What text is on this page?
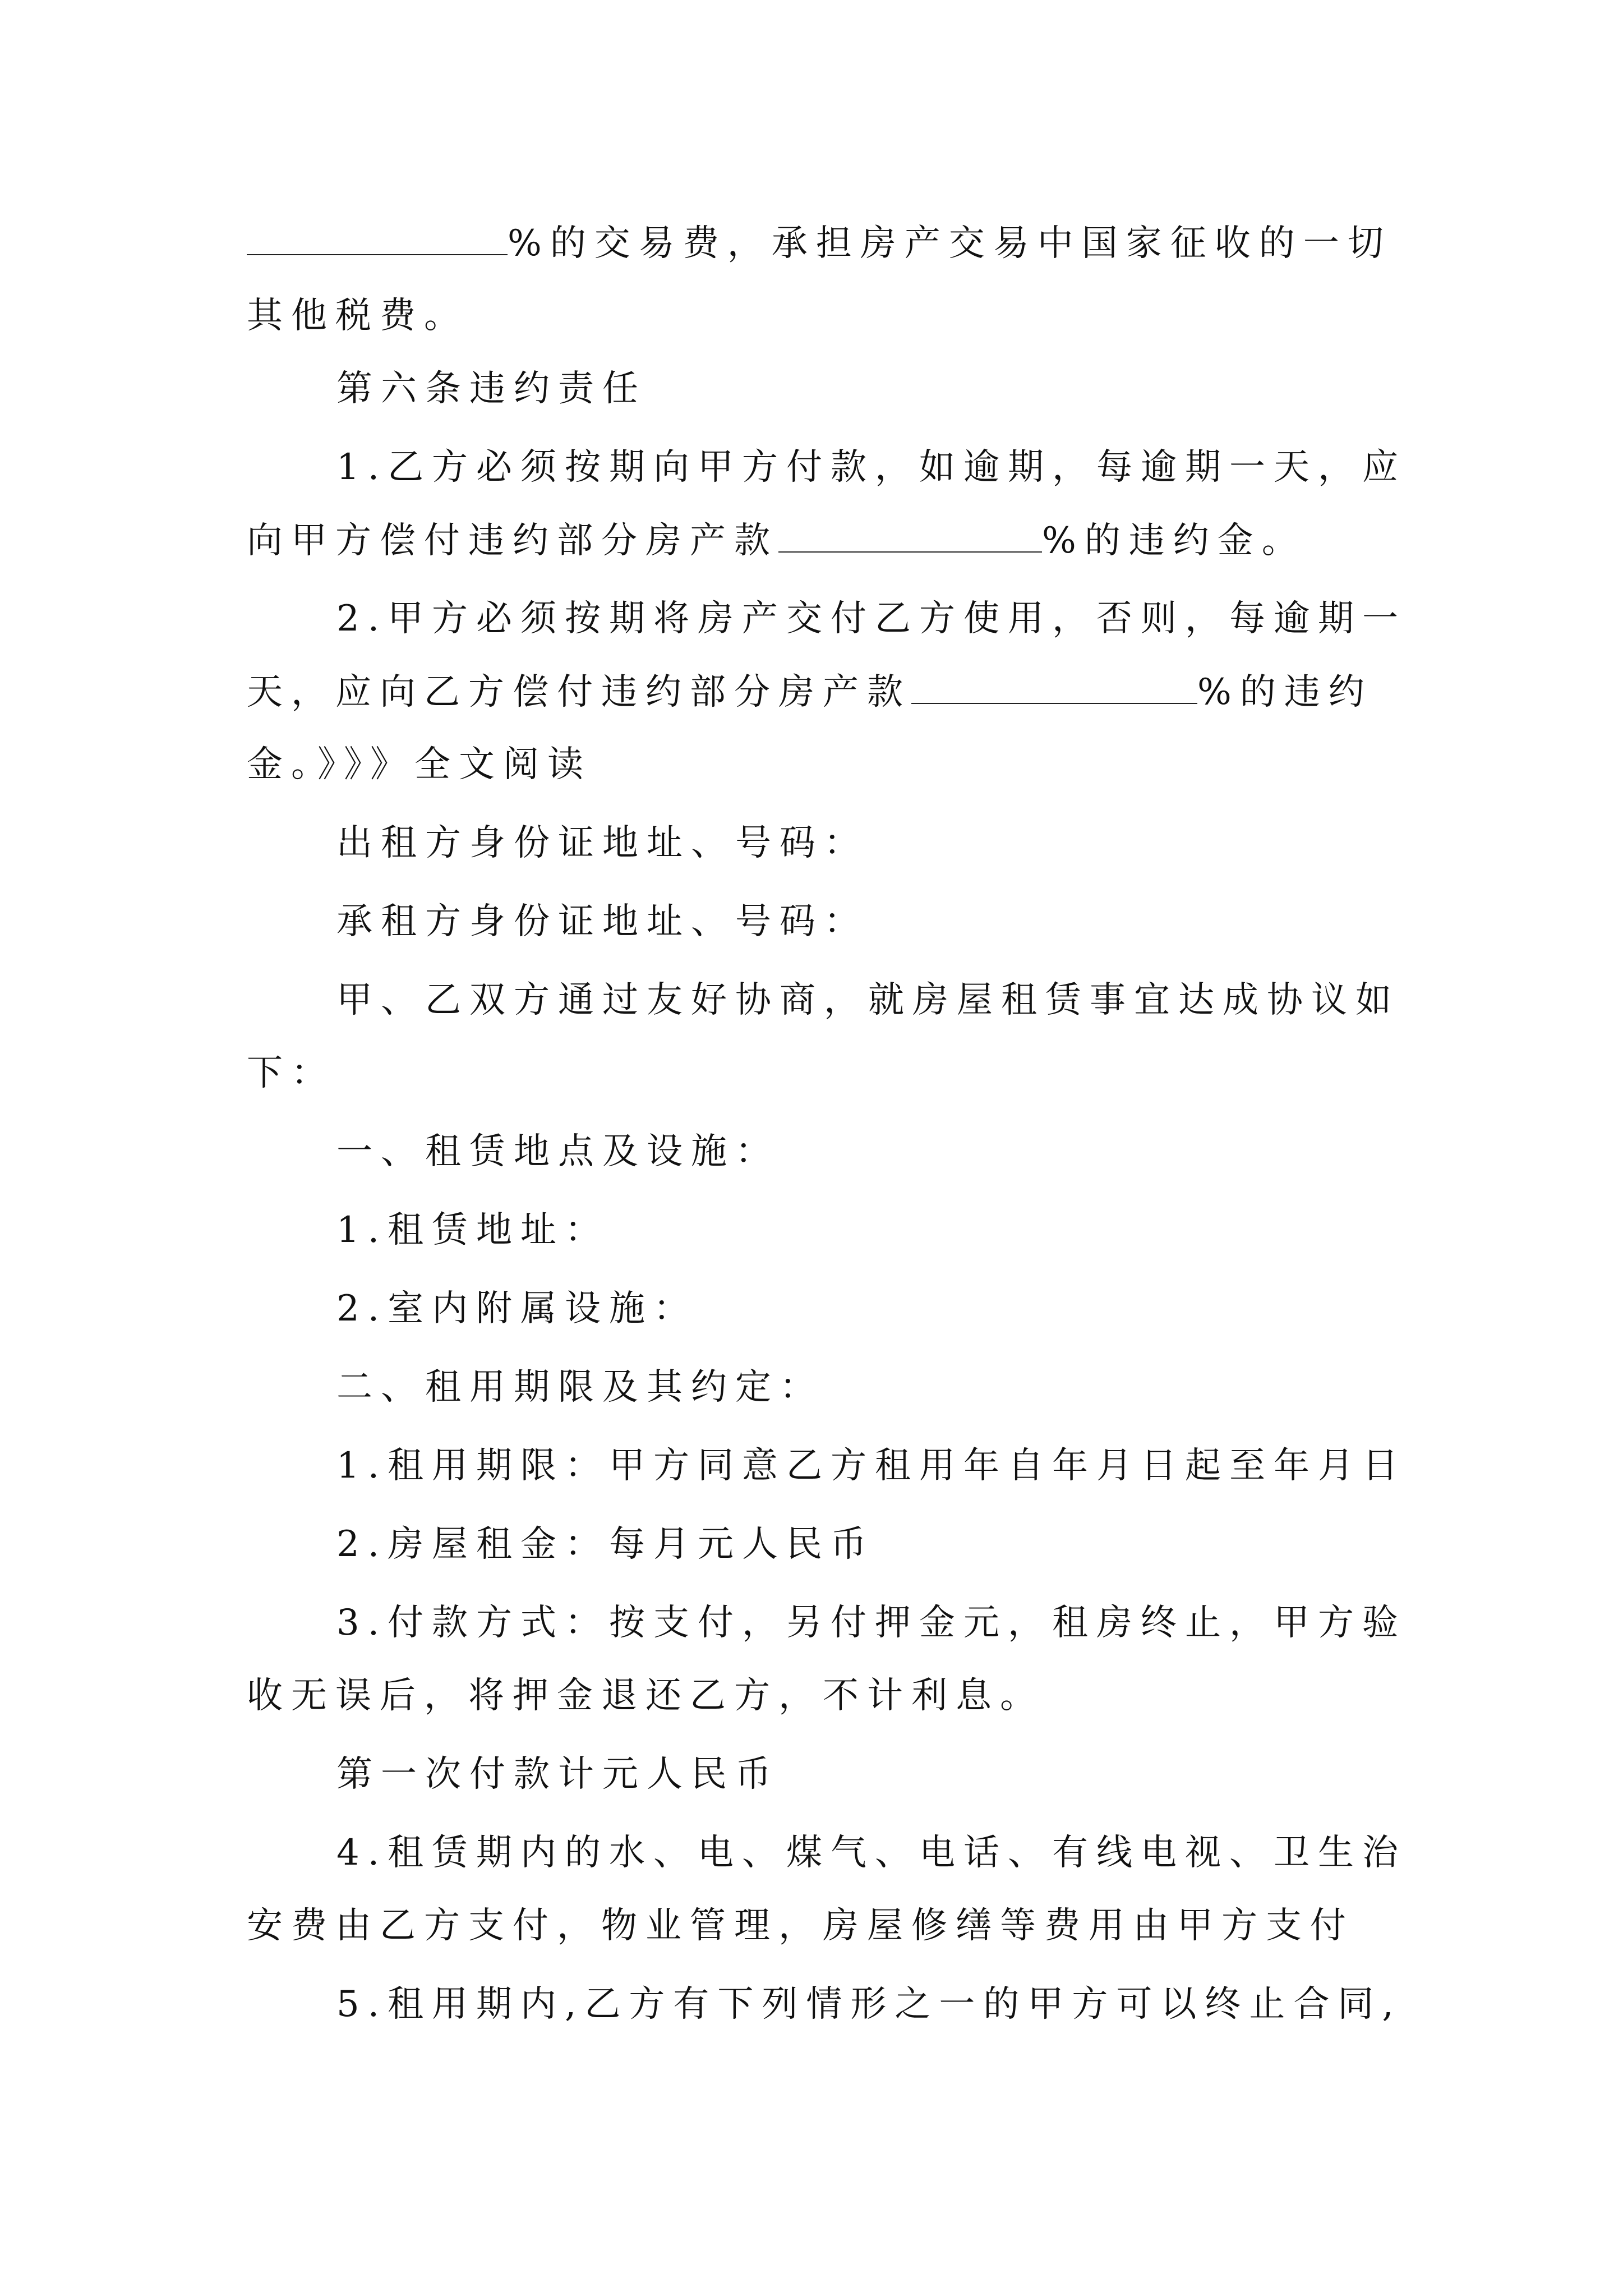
%的交易费，承担房产交易中国家征收的一切
其他税费。
第六条违约责任
1.乙方必须按期向甲方付款，如逾期，每逾期一天，应
向甲方偿付违约部分房产款	%的违约金。
2.甲方必须按期将房产交付乙方使用，否则，每逾期一
天，应向乙方偿付违约部分房产款	%的违约
金。》》》全文阅读
出租方身份证地址、号码：
承租方身份证地址、号码：
甲、乙双方通过友好协商，就房屋租赁事宜达成协议如
下：
一、租赁地点及设施：
1.租赁地址：
2.室内附属设施：
二、租用期限及其约定：
1.租用期限：甲方同意乙方租用年自年月日起至年月日
2.房屋租金：每月元人民币
3.付款方式：按支付，另付押金元，租房终止，甲方验
收无误后，将押金退还乙方，不计利息。
第一次付款计元人民币
4.租赁期内的水、电、煤气、电话、有线电视、卫生治
安费由乙方支付，物业管理，房屋修缮等费用由甲方支付
5.租用期内,乙方有下列情形之一的甲方可以终止合同,
